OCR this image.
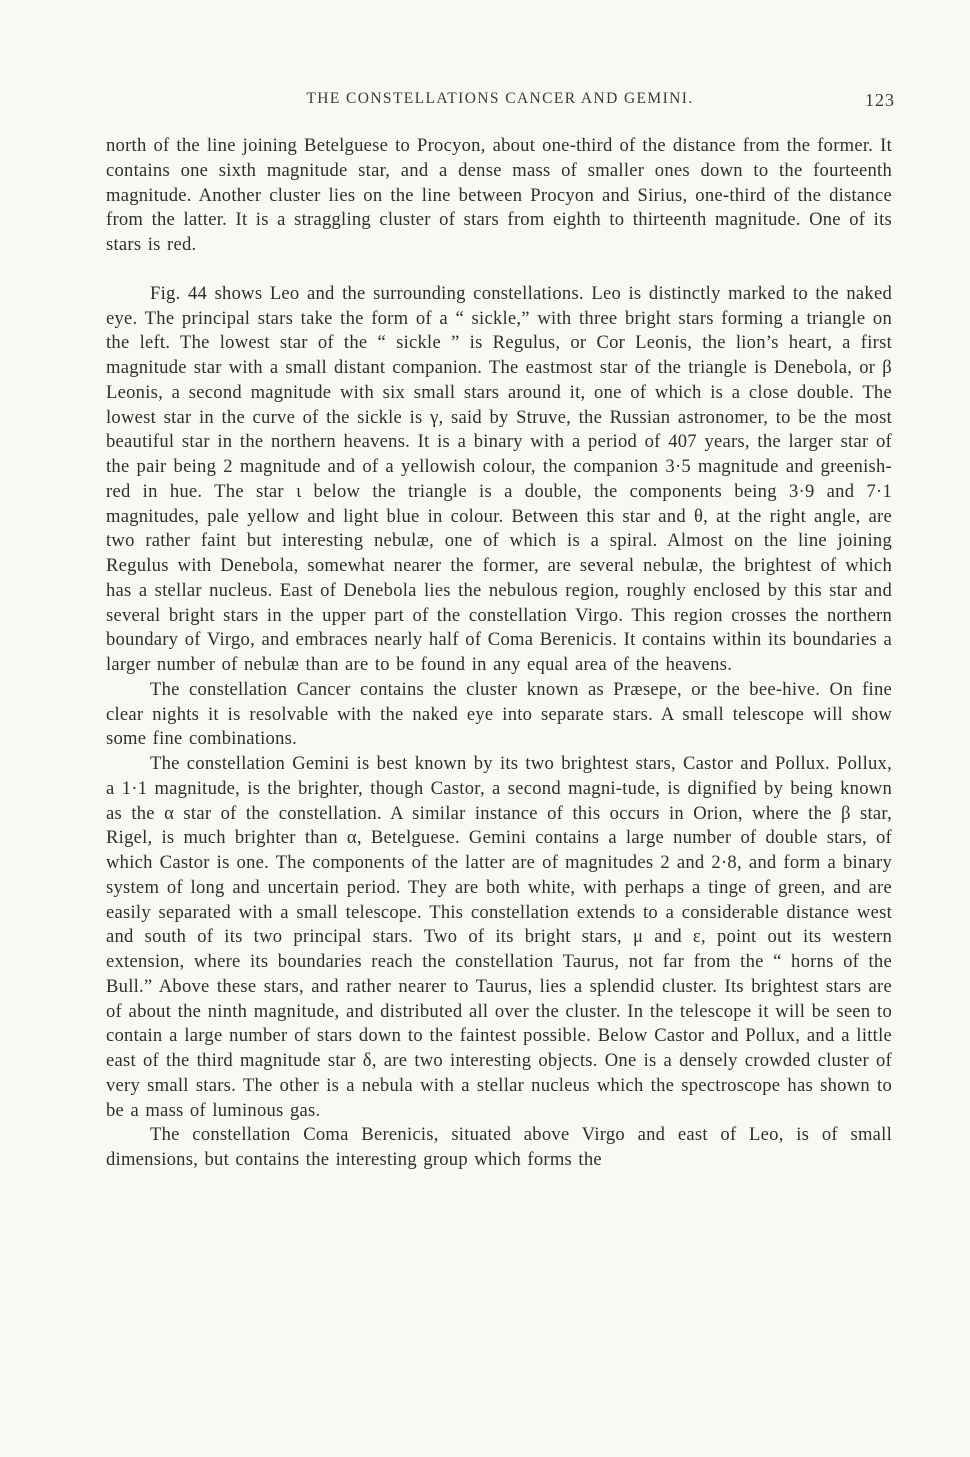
THE CONSTELLATIONS CANCER AND GEMINI.	123

north of the line joining Betelguese to Procyon, about one-third of the distance from the former. It contains one sixth magnitude star, and a dense mass of smaller ones down to the fourteenth magnitude. Another cluster lies on the line between Procyon and Sirius, one-third of the distance from the latter. It is a straggling cluster of stars from eighth to thirteenth magnitude. One of its stars is red.

Fig. 44 shows Leo and the surrounding constellations. Leo is distinctly marked to the naked eye. The principal stars take the form of a “ sickle,” with three bright stars forming a triangle on the left. The lowest star of the “ sickle ” is Regulus, or Cor Leonis, the lion’s heart, a first magnitude star with a small distant companion. The eastmost star of the triangle is Denebola, or β Leonis, a second magnitude with six small stars around it, one of which is a close double. The lowest star in the curve of the sickle is γ, said by Struve, the Russian astronomer, to be the most beautiful star in the northern heavens. It is a binary with a period of 407 years, the larger star of the pair being 2 magnitude and of a yellowish colour, the companion 3·5 magnitude and greenish-red in hue. The star ι below the triangle is a double, the components being 3·9 and 7·1 magnitudes, pale yellow and light blue in colour. Between this star and θ, at the right angle, are two rather faint but interesting nebulæ, one of which is a spiral. Almost on the line joining Regulus with Denebola, somewhat nearer the former, are several nebulæ, the brightest of which has a stellar nucleus. East of Denebola lies the nebulous region, roughly enclosed by this star and several bright stars in the upper part of the constellation Virgo. This region crosses the northern boundary of Virgo, and embraces nearly half of Coma Berenicis. It contains within its boundaries a larger number of nebulæ than are to be found in any equal area of the heavens.

The constellation Cancer contains the cluster known as Præsepe, or the bee-hive. On fine clear nights it is resolvable with the naked eye into separate stars. A small telescope will show some fine combinations.

The constellation Gemini is best known by its two brightest stars, Castor and Pollux. Pollux, a 1·1 magnitude, is the brighter, though Castor, a second magni-tude, is dignified by being known as the α star of the constellation. A similar instance of this occurs in Orion, where the β star, Rigel, is much brighter than α, Betelguese. Gemini contains a large number of double stars, of which Castor is one. The components of the latter are of magnitudes 2 and 2·8, and form a binary system of long and uncertain period. They are both white, with perhaps a tinge of green, and are easily separated with a small telescope. This constellation extends to a considerable distance west and south of its two principal stars. Two of its bright stars, μ and ε, point out its western extension, where its boundaries reach the constellation Taurus, not far from the “ horns of the Bull.” Above these stars, and rather nearer to Taurus, lies a splendid cluster. Its brightest stars are of about the ninth magnitude, and distributed all over the cluster. In the telescope it will be seen to contain a large number of stars down to the faintest possible. Below Castor and Pollux, and a little east of the third magnitude star δ, are two interesting objects. One is a densely crowded cluster of very small stars. The other is a nebula with a stellar nucleus which the spectroscope has shown to be a mass of luminous gas.

The constellation Coma Berenicis, situated above Virgo and east of Leo, is of small dimensions, but contains the interesting group which forms the
